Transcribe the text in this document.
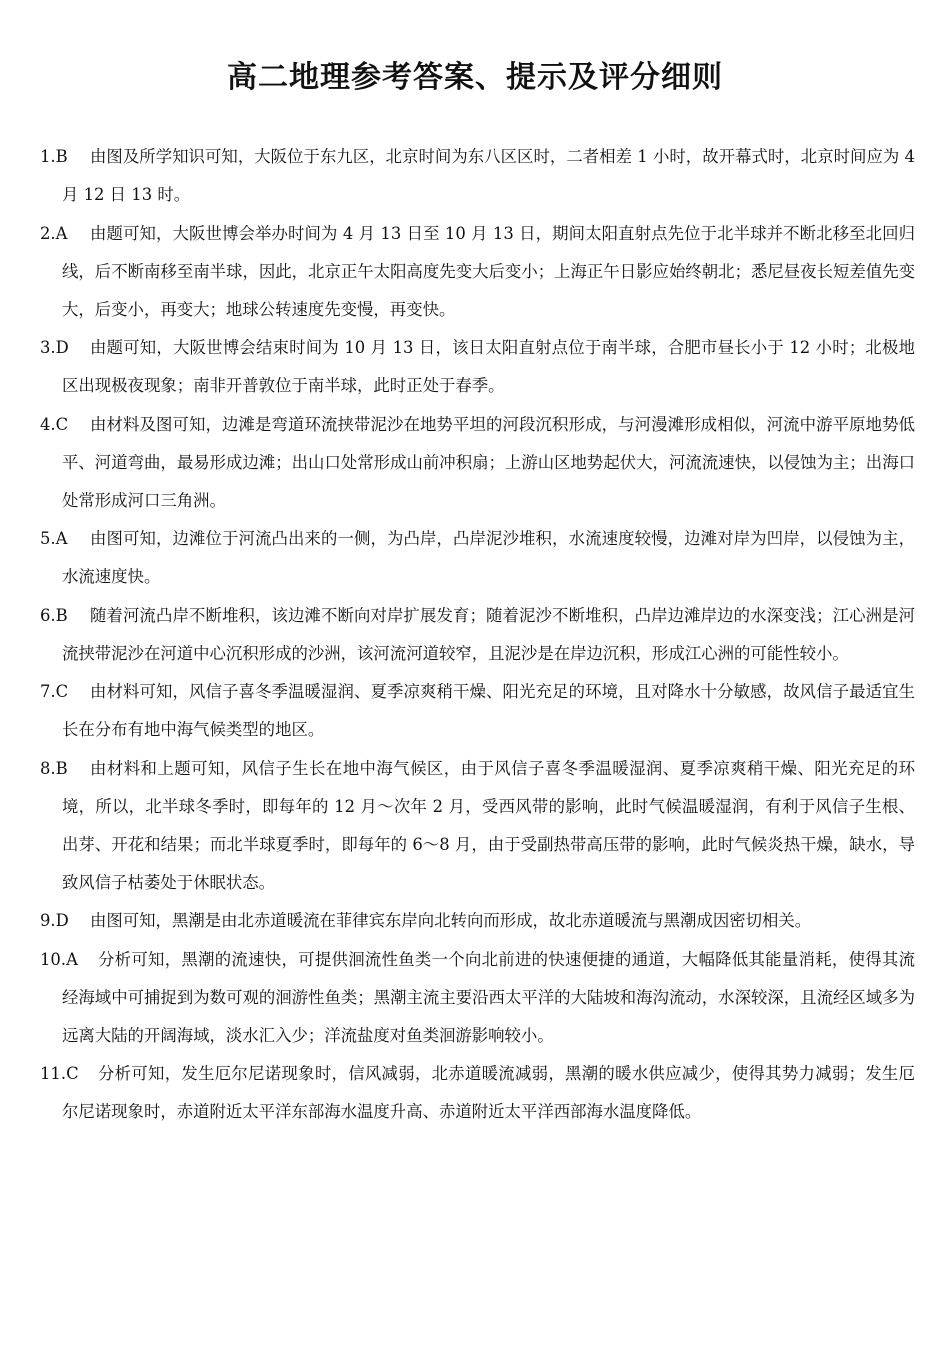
高二地理参考答案、提示及评分细则
1.B	由图及所学知识可知，大阪位于东九区，北京时间为东八区区时，二者相差 1 小时，故开幕式时，北京时间应为 4 月 12 日 13 时。
2.A	由题可知，大阪世博会举办时间为 4 月 13 日至 10 月 13 日，期间太阳直射点先位于北半球并不断北移至北回归线，后不断南移至南半球，因此，北京正午太阳高度先变大后变小；上海正午日影应始终朝北；悉尼昼夜长短差值先变大，后变小，再变大；地球公转速度先变慢，再变快。
3.D	由题可知，大阪世博会结束时间为 10 月 13 日，该日太阳直射点位于南半球，合肥市昼长小于 12 小时；北极地区出现极夜现象；南非开普敦位于南半球，此时正处于春季。
4.C	由材料及图可知，边滩是弯道环流挟带泥沙在地势平坦的河段沉积形成，与河漫滩形成相似，河流中游平原地势低平、河道弯曲，最易形成边滩；出山口处常形成山前冲积扇；上游山区地势起伏大，河流流速快，以侵蚀为主；出海口处常形成河口三角洲。
5.A	由图可知，边滩位于河流凸出来的一侧，为凸岸，凸岸泥沙堆积，水流速度较慢，边滩对岸为凹岸，以侵蚀为主，水流速度快。
6.B	随着河流凸岸不断堆积，该边滩不断向对岸扩展发育；随着泥沙不断堆积，凸岸边滩岸边的水深变浅；江心洲是河流挟带泥沙在河道中心沉积形成的沙洲，该河流河道较窄，且泥沙是在岸边沉积，形成江心洲的可能性较小。
7.C	由材料可知，风信子喜冬季温暖湿润、夏季凉爽稍干燥、阳光充足的环境，且对降水十分敏感，故风信子最适宜生长在分布有地中海气候类型的地区。
8.B	由材料和上题可知，风信子生长在地中海气候区，由于风信子喜冬季温暖湿润、夏季凉爽稍干燥、阳光充足的环境，所以，北半球冬季时，即每年的 12 月～次年 2 月，受西风带的影响，此时气候温暖湿润，有利于风信子生根、出芽、开花和结果；而北半球夏季时，即每年的 6～8 月，由于受副热带高压带的影响，此时气候炎热干燥，缺水，导致风信子枯萎处于休眠状态。
9.D	由图可知，黑潮是由北赤道暖流在菲律宾东岸向北转向而形成，故北赤道暖流与黑潮成因密切相关。
10.A	分析可知，黑潮的流速快，可提供洄流性鱼类一个向北前进的快速便捷的通道，大幅降低其能量消耗，使得其流经海域中可捕捉到为数可观的洄游性鱼类；黑潮主流主要沿西太平洋的大陆坡和海沟流动，水深较深，且流经区域多为远离大陆的开阔海域，淡水汇入少；洋流盐度对鱼类洄游影响较小。
11.C	分析可知，发生厄尔尼诺现象时，信风减弱，北赤道暖流减弱，黑潮的暖水供应减少，使得其势力减弱；发生厄尔尼诺现象时，赤道附近太平洋东部海水温度升高、赤道附近太平洋西部海水温度降低。
